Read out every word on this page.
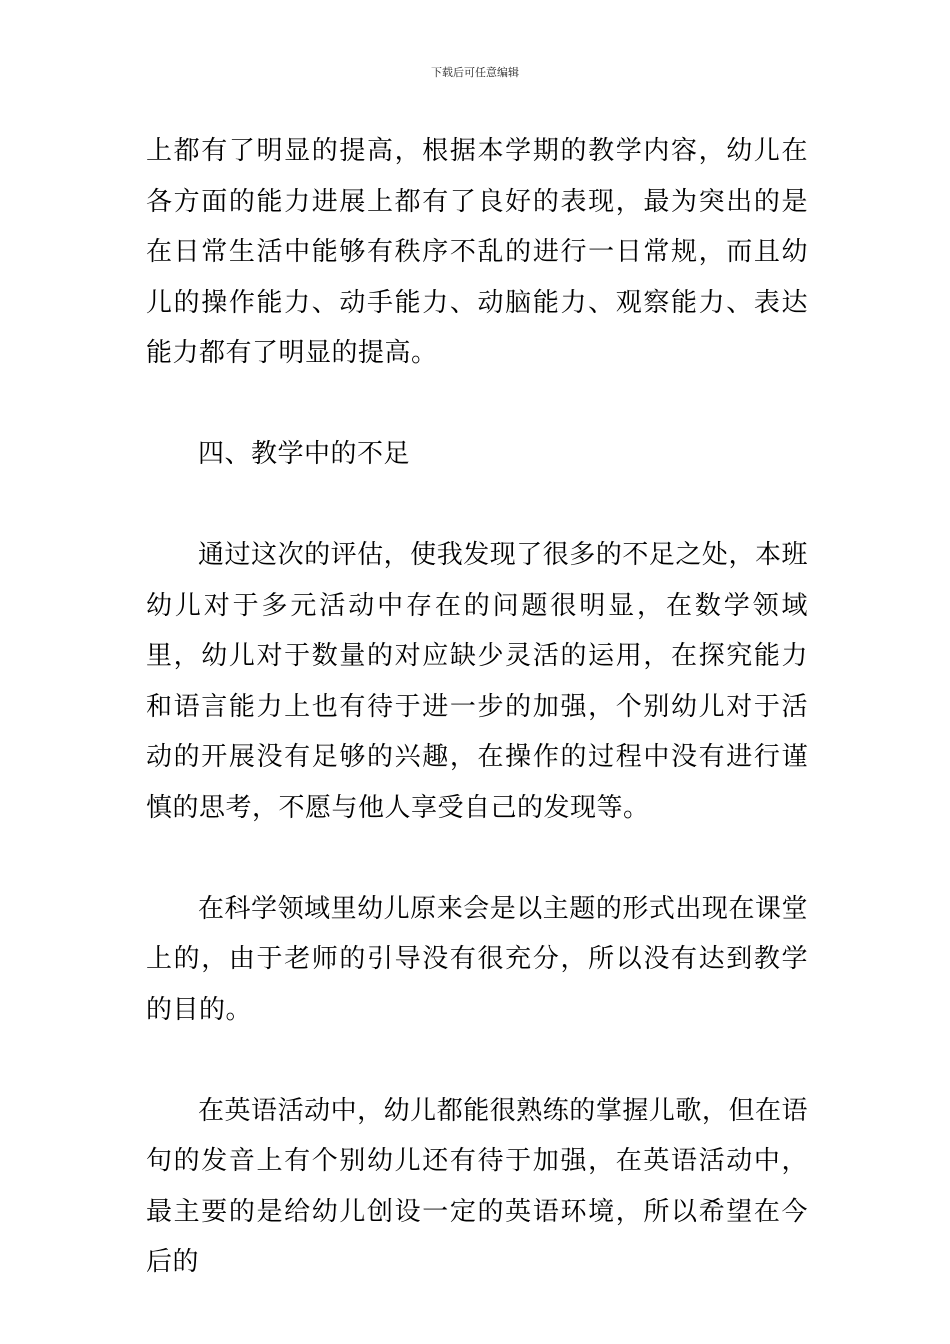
下载后可任意编辑

上都有了明显的提高，根据本学期的教学内容，幼儿在各方面的能力进展上都有了良好的表现，最为突出的是在日常生活中能够有秩序不乱的进行一日常规，而且幼儿的操作能力、动手能力、动脑能力、观察能力、表达能力都有了明显的提高。

四、教学中的不足

通过这次的评估，使我发现了很多的不足之处，本班幼儿对于多元活动中存在的问题很明显，在数学领域里，幼儿对于数量的对应缺少灵活的运用，在探究能力和语言能力上也有待于进一步的加强，个别幼儿对于活动的开展没有足够的兴趣，在操作的过程中没有进行谨慎的思考，不愿与他人享受自己的发现等。

在科学领域里幼儿原来会是以主题的形式出现在课堂上的，由于老师的引导没有很充分，所以没有达到教学的目的。

在英语活动中，幼儿都能很熟练的掌握儿歌，但在语句的发音上有个别幼儿还有待于加强，在英语活动中，最主要的是给幼儿创设一定的英语环境，所以希望在今后的
